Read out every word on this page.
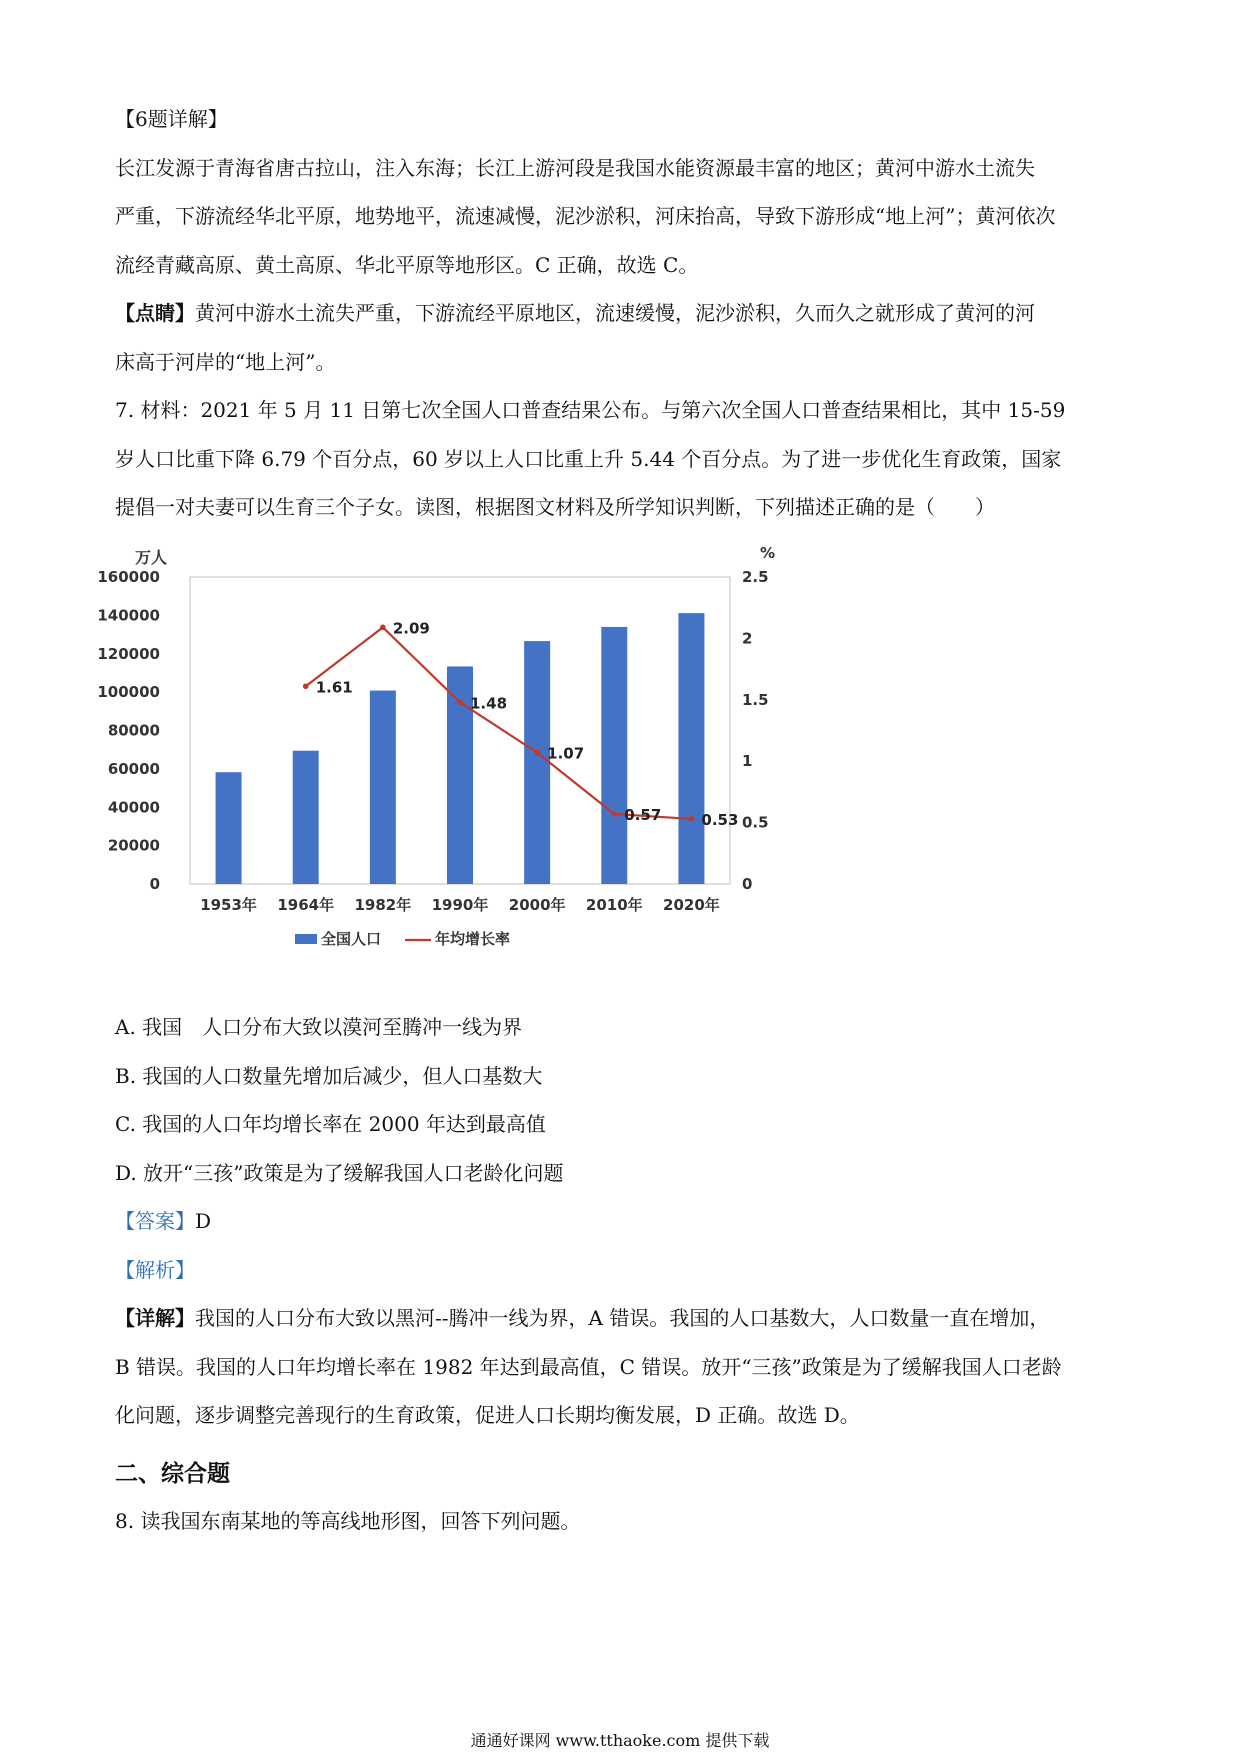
【6题详解】
长江发源于青海省唐古拉山，注入东海；长江上游河段是我国水能资源最丰富的地区；黄河中游水土流失
严重，下游流经华北平原，地势地平，流速减慢，泥沙淤积，河床抬高，导致下游形成“地上河”；黄河依次
流经青藏高原、黄土高原、华北平原等地形区。C 正确，故选 C。
【点睛】黄河中游水土流失严重，下游流经平原地区，流速缓慢，泥沙淤积，久而久之就形成了黄河的河
床高于河岸的“地上河”。
7. 材料：2021 年 5 月 11 日第七次全国人口普查结果公布。与第六次全国人口普查结果相比，其中 15-59
岁人口比重下降 6.79 个百分点，60 岁以上人口比重上升 5.44 个百分点。为了进一步优化生育政策，国家
提倡一对夫妻可以生育三个子女。读图，根据图文材料及所学知识判断，下列描述正确的是（　　）
万人	%
0
20000
40000
60000
80000
100000
120000
140000
160000
0
0.5
1
1.5
2
2.5
1953年 1964年 1982年 1990年 2000年 2010年 2020年
1.61
2.09
1.48
1.07
0.57	0.53
全国人口	年均增长率
A. 我国　人口分布大致以漠河至腾冲一线为界
B. 我国的人口数量先增加后减少，但人口基数大
C. 我国的人口年均增长率在 2000 年达到最高值
D. 放开“三孩”政策是为了缓解我国人口老龄化问题
【答案】D
【解析】
【详解】我国的人口分布大致以黑河--腾冲一线为界，A 错误。我国的人口基数大，人口数量一直在增加，
B 错误。我国的人口年均增长率在 1982 年达到最高值，C 错误。放开“三孩”政策是为了缓解我国人口老龄
化问题，逐步调整完善现行的生育政策，促进人口长期均衡发展，D 正确。故选 D。
二、综合题
8. 读我国东南某地的等高线地形图，回答下列问题。
通通好课网 www.tthaoke.com 提供下载
